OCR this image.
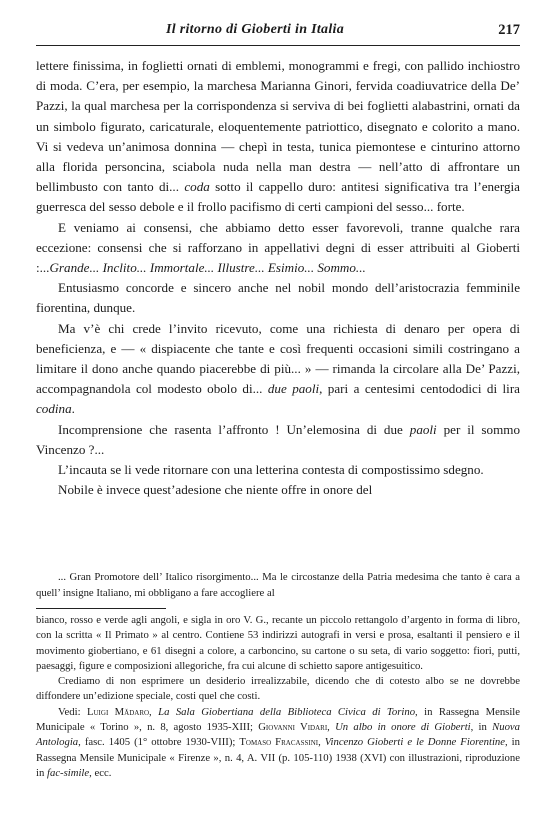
Il ritorno di Gioberti in Italia	217

lettere finissima, in foglietti ornati di emblemi, monogrammi e fregi, con pallido inchiostro di moda. C’era, per esempio, la marchesa Marianna Ginori, fervida coadiuvatrice della De’ Pazzi, la qual marchesa per la corrispondenza si serviva di bei foglietti alabastrini, ornati da un simbolo figurato, caricaturale, eloquentemente patriottico, disegnato e colorito a mano. Vi si vedeva un’animosa donnina — chepì in testa, tunica piemontese e cinturino attorno alla florida personcina, sciabola nuda nella man destra — nell’atto di affrontare un bellimbusto con tanto di... coda sotto il cappello duro: antitesi significativa tra l’energia guerresca del sesso debole e il frollo pacifismo di certi campioni del sesso... forte.

E veniamo ai consensi, che abbiamo detto esser favorevoli, tranne qualche rara eccezione: consensi che si rafforzano in appellativi degni di esser attribuiti al Gioberti :...Grande... Inclito... Immortale... Illustre... Esimio... Sommo...

Entusiasmo concorde e sincero anche nel nobil mondo dell’aristocrazia femminile fiorentina, dunque.

Ma v’è chi crede l’invito ricevuto, come una richiesta di denaro per opera di beneficienza, e — « dispiacente che tante e così frequenti occasioni simili costringano a limitare il dono anche quando piacerebbe di più... » — rimanda la circolare alla De’ Pazzi, accompagnandola col modesto obolo di... due paoli, pari a centesimi centododici di lira codina.

Incomprensione che rasenta l’affronto ! Un’elemosina di due paoli per il sommo Vincenzo ?...

L’incauta se li vede ritornare con una letterina contesta di compostissimo sdegno.

Nobile è invece quest’adesione che niente offre in onore del

... Gran Promotore dell’ Italico risorgimento... Ma le circostanze della Patria medesima che tanto è cara a quell’ insigne Italiano, mi obbligano a fare accogliere al

bianco, rosso e verde agli angoli, e sigla in oro V. G., recante un piccolo rettangolo d’argento in forma di libro, con la scritta « Il Primato » al centro. Contiene 53 indirizzi autografi in versi e prosa, esaltanti il pensiero e il movimento giobertiano, e 61 disegni a colore, a carboncino, su cartone o su seta, di vario soggetto: fiori, putti, paesaggi, figure e composizioni allegoriche, fra cui alcune di schietto sapore antigesuitico.

Crediamo di non esprimere un desiderio irrealizzabile, dicendo che di cotesto albo se ne dovrebbe diffondere un’edizione speciale, costi quel che costi.

Vedi: Luigi Mădaro, La Sala Giobertiana della Biblioteca Civica di Torino, in Rassegna Mensile Municipale « Torino », n. 8, agosto 1935-XIII; Giovanni Vidari, Un albo in onore di Gioberti, in Nuova Antologia, fasc. 1405 (1° ottobre 1930-VIII); Tomaso Fracassini, Vincenzo Gioberti e le Donne Fiorentine, in Rassegna Mensile Municipale « Firenze », n. 4, A. VII (p. 105-110) 1938 (XVI) con illustrazioni, riproduzione in fac-simile, ecc.
